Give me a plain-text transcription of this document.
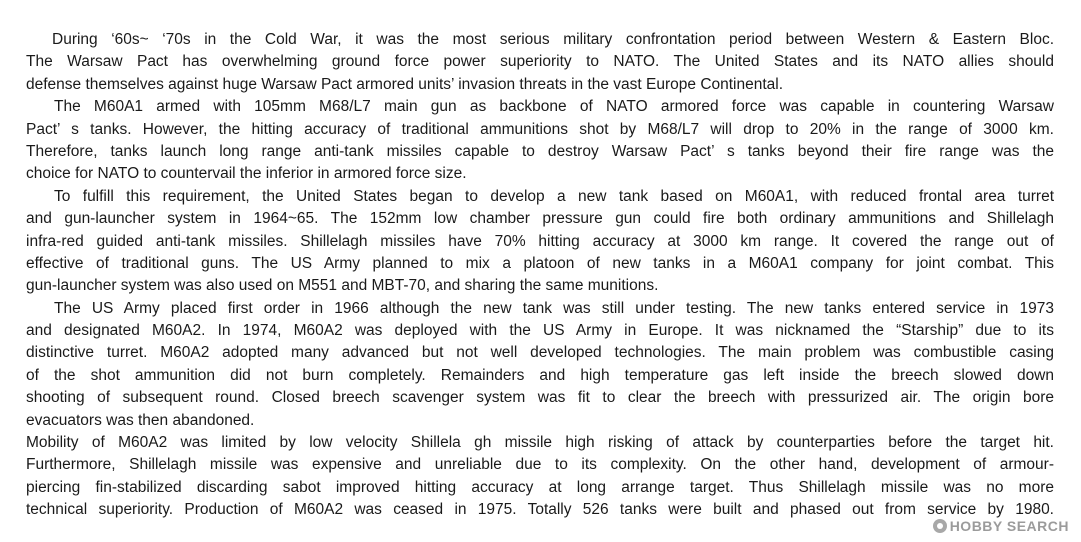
During ‘60s~ ‘70s in the Cold War, it was the most serious military confrontation period between Western & Eastern Bloc.
The Warsaw Pact has overwhelming ground force power superiority to NATO. The United States and its NATO allies should
defense themselves against huge Warsaw Pact armored units’ invasion threats in the vast Europe Continental.
The M60A1 armed with 105mm M68/L7 main gun as backbone of NATO armored force was capable in countering Warsaw
Pact’ s tanks. However, the hitting accuracy of traditional ammunitions shot by M68/L7 will drop to 20% in the range of 3000 km.
Therefore, tanks launch long range anti-tank missiles capable to destroy Warsaw Pact’ s tanks beyond their fire range was the
choice for NATO to countervail the inferior in armored force size.
To fulfill this requirement, the United States began to develop a new tank based on M60A1, with reduced frontal area turret
and gun-launcher system in 1964~65. The 152mm low chamber pressure gun could fire both ordinary ammunitions and Shillelagh
infra-red guided anti-tank missiles. Shillelagh missiles have 70% hitting accuracy at 3000 km range. It covered the range out of
effective of traditional guns. The US Army planned to mix a platoon of new tanks in a M60A1 company for joint combat. This
gun-launcher system was also used on M551 and MBT-70, and sharing the same munitions.
The US Army placed first order in 1966 although the new tank was still under testing. The new tanks entered service in 1973
and designated M60A2. In 1974, M60A2 was deployed with the US Army in Europe. It was nicknamed the “Starship” due to its
distinctive turret. M60A2 adopted many advanced but not well developed technologies. The main problem was combustible casing
of the shot ammunition did not burn completely. Remainders and high temperature gas left inside the breech slowed down
shooting of subsequent round. Closed breech scavenger system was fit to clear the breech with pressurized air. The origin bore
evacuators was then abandoned.
Mobility of M60A2 was limited by low velocity Shillela gh missile high risking of attack by counterparties before the target hit.
Furthermore, Shillelagh missile was expensive and unreliable due to its complexity. On the other hand, development of armour-
piercing fin-stabilized discarding sabot improved hitting accuracy at long arrange target. Thus Shillelagh missile was no more
technical superiority. Production of M60A2 was ceased in 1975. Totally 526 tanks were built and phased out from service by 1980.
HOBBY SEARCH
